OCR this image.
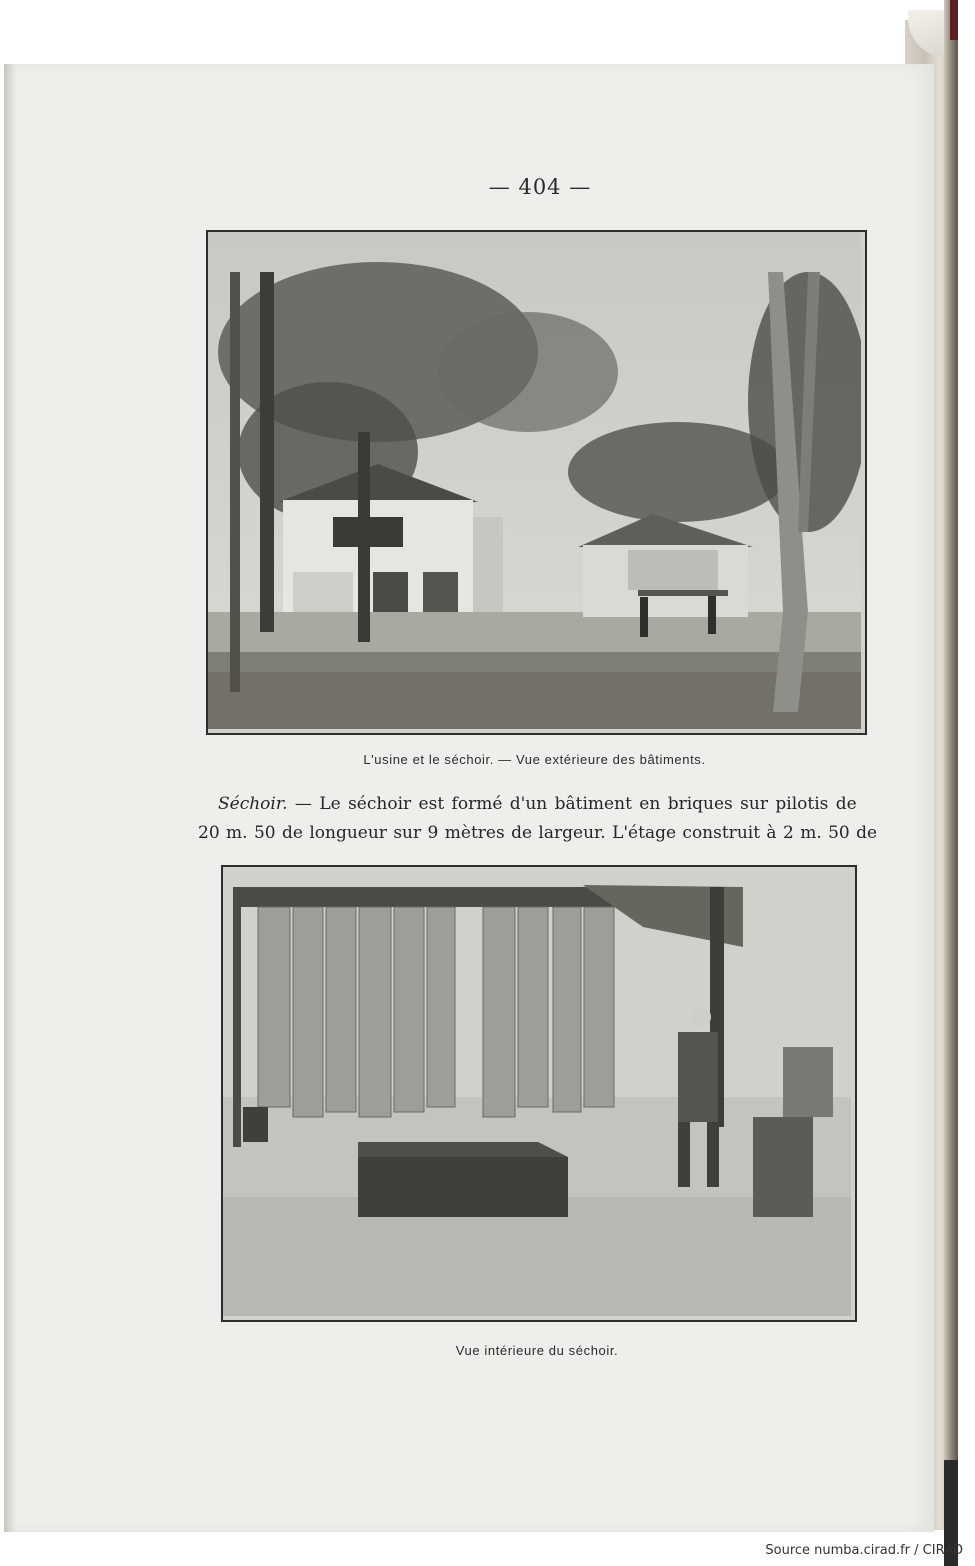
— 404 —
L'usine et le séchoir. — Vue extérieure des bâtiments.
Séchoir. — Le séchoir est formé d'un bâtiment en briques sur pilotis de
20 m. 50 de longueur sur 9 mètres de largeur. L'étage construit à 2 m. 50 de
Vue intérieure du séchoir.
Source numba.cirad.fr / CIRAD
